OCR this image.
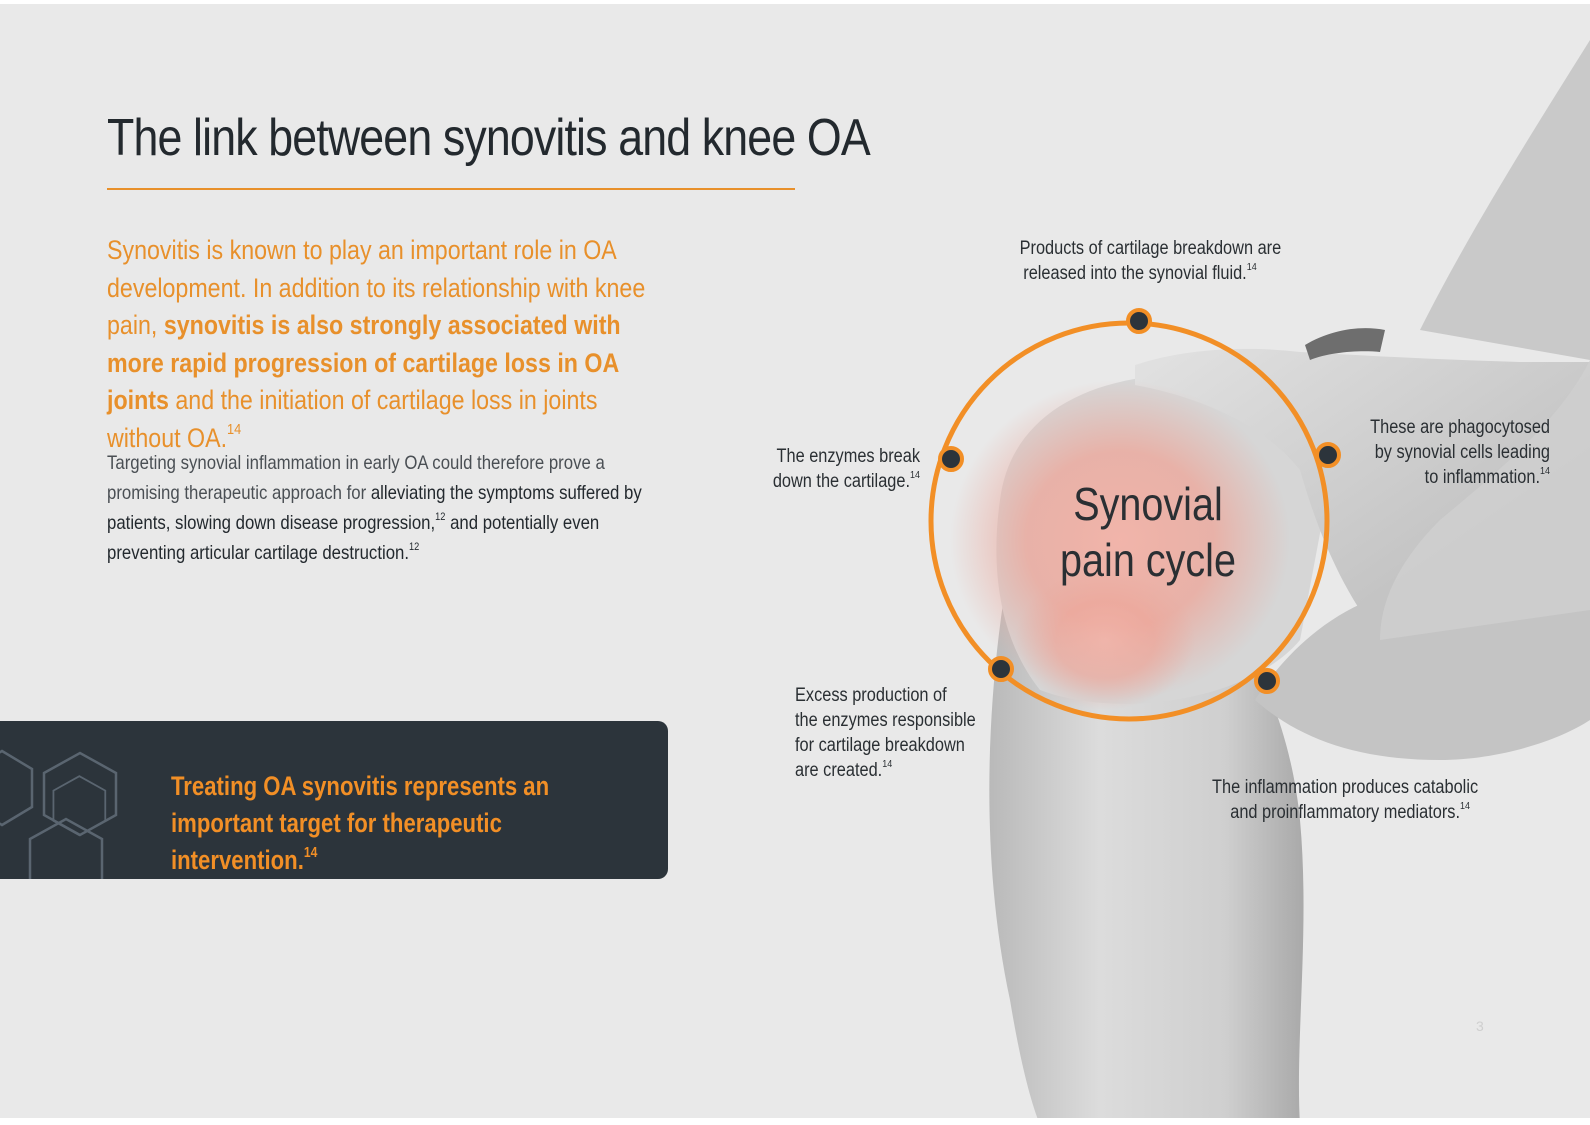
The link between synovitis and knee OA

Synovitis is known to play an important role in OA development. In addition to its relationship with knee pain, synovitis is also strongly associated with more rapid progression of cartilage loss in OA joints and the initiation of cartilage loss in joints without OA.$^{14}$

Targeting synovial inflammation in early OA could therefore prove a promising therapeutic approach for alleviating the symptoms suffered by patients, slowing down disease progression,$^{12}$ and potentially even preventing articular cartilage destruction.$^{12}$

Treating OA synovitis represents an important target for therapeutic intervention.$^{14}$

Synovial
pain cycle
Products of cartilage breakdown are
released into the synovial fluid.$^{14}$
These are phagocytosed
by synovial cells leading
to inflammation.$^{14}$
The inflammation produces catabolic
and proinflammatory mediators.$^{14}$
Excess production of
the enzymes responsible
for cartilage breakdown
are created.$^{14}$
The enzymes break
down the cartilage.$^{14}$
3
